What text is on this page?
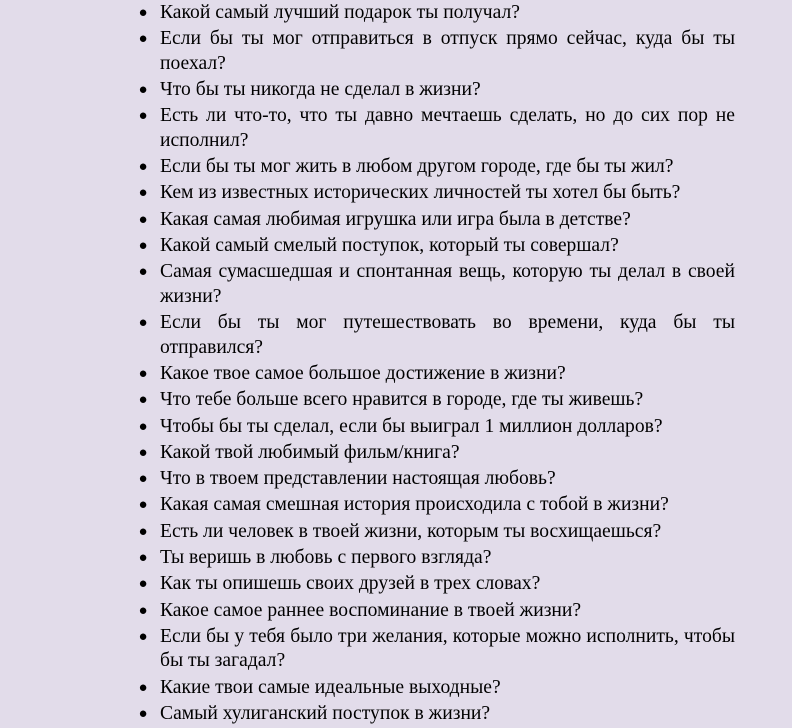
● Какой самый лучший подарок ты получал?
● Если бы ты мог отправиться в отпуск прямо сейчас, куда бы ты поехал?
● Что бы ты никогда не сделал в жизни?
● Есть ли что-то, что ты давно мечтаешь сделать, но до сих пор не исполнил?
● Если бы ты мог жить в любом другом городе, где бы ты жил?
● Кем из известных исторических личностей ты хотел бы быть?
● Какая самая любимая игрушка или игра была в детстве?
● Какой самый смелый поступок, который ты совершал?
● Самая сумасшедшая и спонтанная вещь, которую ты делал в своей жизни?
● Если бы ты мог путешествовать во времени, куда бы ты отправился?
● Какое твое самое большое достижение в жизни?
● Что тебе больше всего нравится в городе, где ты живешь?
● Чтобы бы ты сделал, если бы выиграл 1 миллион долларов?
● Какой твой любимый фильм/книга?
● Что в твоем представлении настоящая любовь?
● Какая самая смешная история происходила с тобой в жизни?
● Есть ли человек в твоей жизни, которым ты восхищаешься?
● Ты веришь в любовь с первого взгляда?
● Как ты опишешь своих друзей в трех словах?
● Какое самое раннее воспоминание в твоей жизни?
● Если бы у тебя было три желания, которые можно исполнить, чтобы бы ты загадал?
● Какие твои самые идеальные выходные?
● Самый хулиганский поступок в жизни?
